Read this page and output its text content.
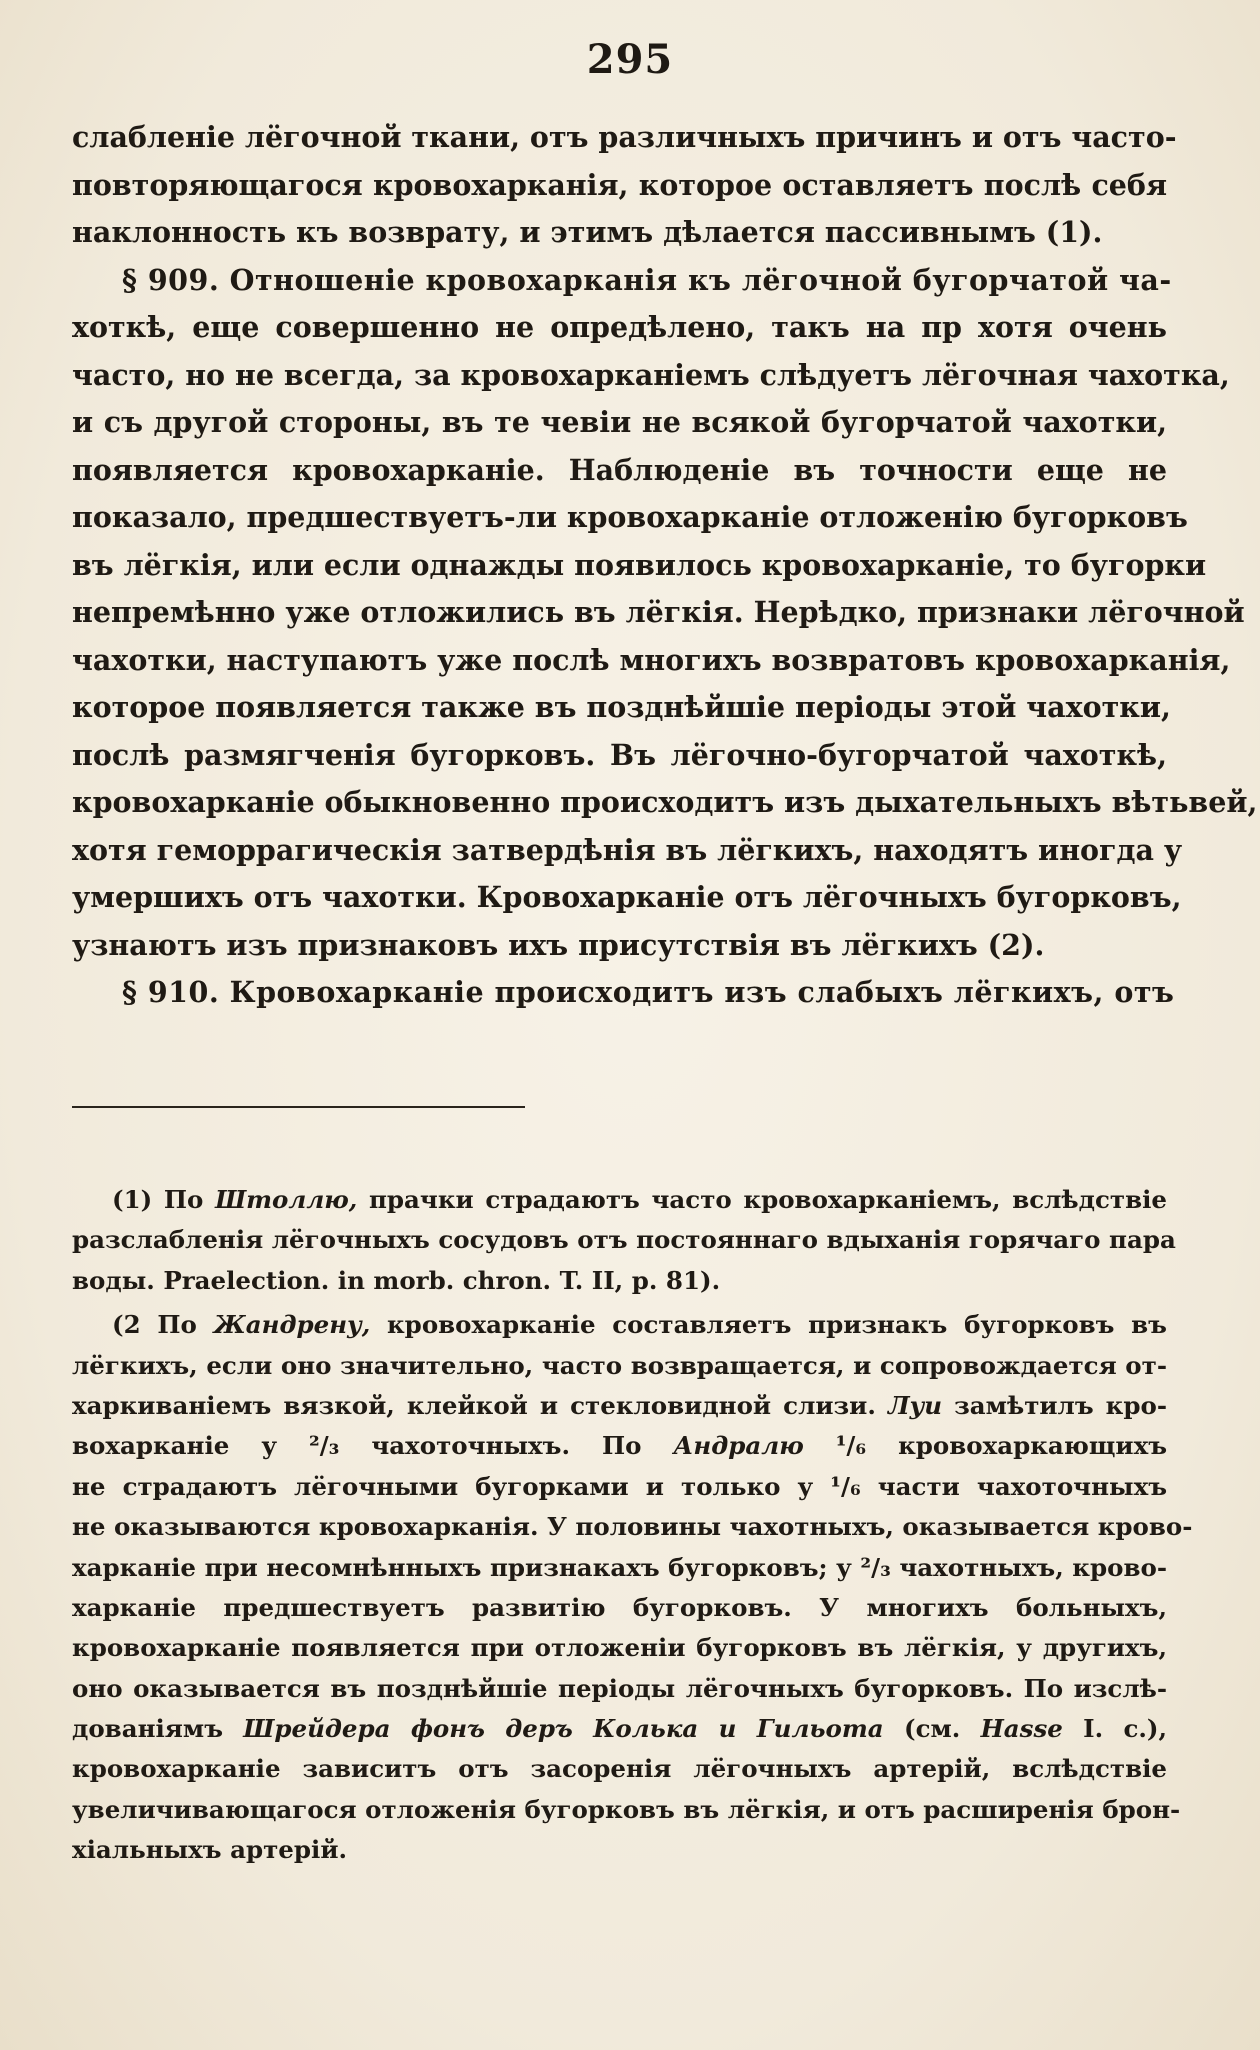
295
слабленіе лёгочной ткани, отъ различныхъ причинъ и отъ часто-
повторяющагося кровохарканія, которое оставляетъ послѣ себя
наклонность къ возврату, и этимъ дѣлается пассивнымъ (1).
§ 909. Отношеніе кровохарканія къ лёгочной бугорчатой ча-
хоткѣ, еще совершенно не опредѣлено, такъ на пр хотя очень
часто, но не всегда, за кровохарканіемъ слѣдуетъ лёгочная чахотка,
и съ другой стороны, въ те чевіи не всякой бугорчатой чахотки,
появляется кровохарканіе. Наблюденіе въ точности еще не
показало, предшествуетъ-ли кровохарканіе отложенію бугорковъ
въ лёгкія, или если однажды появилось кровохарканіе, то бугорки
непремѣнно уже отложились въ лёгкія. Нерѣдко, признаки лёгочной
чахотки, наступаютъ уже послѣ многихъ возвратовъ кровохарканія,
которое появляется также въ позднѣйшіе періоды этой чахотки,
послѣ размягченія бугорковъ. Въ лёгочно-бугорчатой чахоткѣ,
кровохарканіе обыкновенно происходитъ изъ дыхательныхъ вѣтьвей,
хотя геморрагическія затвердѣнія въ лёгкихъ, находятъ иногда у
умершихъ отъ чахотки. Кровохарканіе отъ лёгочныхъ бугорковъ,
узнаютъ изъ признаковъ ихъ присутствія въ лёгкихъ (2).
§ 910. Кровохарканіе происходитъ изъ слабыхъ лёгкихъ, отъ
(1) По Штоллю, прачки страдаютъ часто кровохарканіемъ, вслѣдствіе
разслабленія лёгочныхъ сосудовъ отъ постояннаго вдыханія горячаго пара
воды. Praelection. in morb. chron. T. II, p. 81).
(2 По Жандрену, кровохарканіе составляетъ признакъ бугорковъ въ
лёгкихъ, если оно значительно, часто возвращается, и сопровождается от-
харкиваніемъ вязкой, клейкой и стекловидной слизи. Луи замѣтилъ кро-
вохарканіе у ²/₃ чахоточныхъ. По Андралю ¹/₆ кровохаркающихъ
не страдаютъ лёгочными бугорками и только у ¹/₆ части чахоточныхъ
не оказываются кровохарканія. У половины чахотныхъ, оказывается крово-
харканіе при несомнѣнныхъ признакахъ бугорковъ; у ²/₃ чахотныхъ, крово-
харканіе предшествуетъ развитію бугорковъ. У многихъ больныхъ,
кровохарканіе появляется при отложеніи бугорковъ въ лёгкія, у другихъ,
оно оказывается въ позднѣйшіе періоды лёгочныхъ бугорковъ. По изслѣ-
дованіямъ Шрейдера фонъ деръ Колька и Гильота (см. Hasse I. c.),
кровохарканіе зависитъ отъ засоренія лёгочныхъ артерій, вслѣдствіе
увеличивающагося отложенія бугорковъ въ лёгкія, и отъ расширенія брон-
хіальныхъ артерій.
